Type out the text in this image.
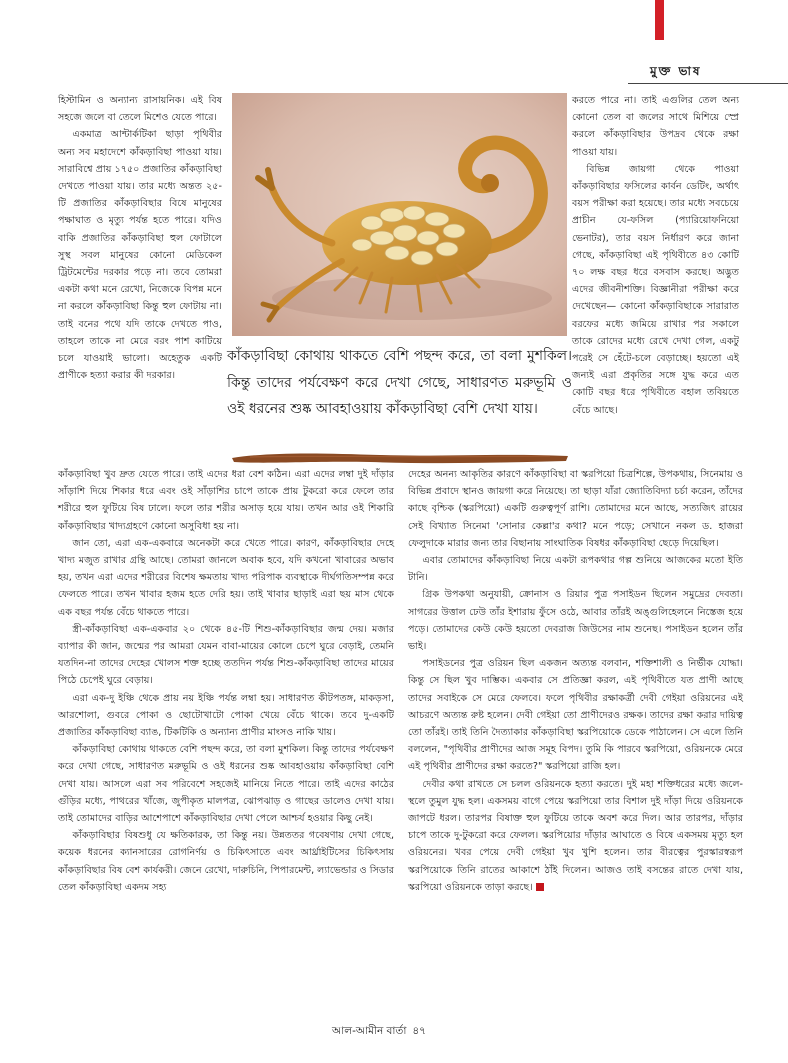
মুক্ত ভাষ

হিস্টামিন ও অন্যান্য রাসায়নিক। এই বিষ সহজে জলে বা তেলে মিশেও যেতে পারে।

একমাত্র আন্টার্কটিকা ছাড়া পৃথিবীর অন্য সব মহাদেশে কাঁকড়াবিছা পাওয়া যায়। সারাবিশ্বে প্রায় ১৭৫০ প্রজাতির কাঁকড়াবিছা দেখতে পাওয়া যায়। তার মধ্যে অন্তত ২৫-টি প্রজাতির কাঁকড়াবিছার বিষে মানুষের পক্ষাঘাত ও মৃত্যু পর্যন্ত হতে পারে। যদিও বাকি প্রজাতির কাঁকড়াবিছা হুল ফোটালে সুস্থ সবল মানুষের কোনো মেডিকেল ট্রিটমেন্টের দরকার পড়ে না। তবে তোমরা একটা কথা মনে রেখো, নিজেকে বিপন্ন মনে না করলে কাঁকড়াবিছা কিন্তু হুল ফোটায় না। তাই বনের পথে যদি তাকে দেখতে পাও, তাহলে তাকে না মেরে বরং পাশ কাটিয়ে চলে যাওয়াই ভালো। অহেতুক একটি প্রাণীকে হত্যা করার কী দরকার।

করতে পারে না। তাই এগুলির তেল অন্য কোনো তেল বা জলের সাথে মিশিয়ে স্প্রে করলে কাঁকড়াবিছার উপদ্রব থেকে রক্ষা পাওয়া যায়।

বিভিন্ন জায়গা থেকে পাওয়া কাঁকড়াবিছার ফসিলের কার্বন ডেটিং, অর্থাৎ বয়স পরীক্ষা করা হয়েছে। তার মধ্যে সবচেয়ে প্রাচীন যে-ফসিল (প্যারিয়োফনিয়ো ভেনাটর), তার বয়স নির্ধারণ করে জানা গেছে, কাঁকড়াবিছা এই পৃথিবীতে ৪৩ কোটি ৭০ লক্ষ বছর ধরে বসবাস করছে। অদ্ভুত এদের জীবনীশক্তি। বিজ্ঞানীরা পরীক্ষা করে দেখেছেন— কোনো কাঁকড়াবিছাকে সারারাত বরফের মধ্যে জমিয়ে রাখার পর সকালে তাকে রোদের মধ্যে রেখে দেখা গেল, একটু পরেই সে হেঁটে-চলে বেড়াচ্ছে। হয়তো এই জন্যই এরা প্রকৃতির সঙ্গে যুদ্ধ করে এত কোটি বছর ধরে পৃথিবীতে বহাল তবিয়তে বেঁচে আছে।

কাঁকড়াবিছা কোথায় থাকতে বেশি পছন্দ করে, তা বলা মুশকিল। কিন্তু তাদের পর্যবেক্ষণ করে দেখা গেছে, সাধারণত মরুভূমি ও ওই ধরনের শুষ্ক আবহাওয়ায় কাঁকড়াবিছা বেশি দেখা যায়।

কাঁকড়াবিছা খুব দ্রুত যেতে পারে। তাই এদের ধরা বেশ কঠিন। এরা এদের লম্বা দুই দাঁড়ার সাঁড়াশি দিয়ে শিকার ধরে এবং ওই সাঁড়াশির চাপে তাকে প্রায় টুকরো করে ফেলে তার শরীরে হুল ফুটিয়ে বিষ ঢালে। ফলে তার শরীর অসাড় হয়ে যায়। তখন আর ওই শিকারি কাঁকড়াবিছার খাদ্যগ্রহণে কোনো অসুবিধা হয় না।

জান তো, এরা এক-একবারে অনেকটা করে খেতে পারে। কারণ, কাঁকড়াবিছার দেহে খাদ্য মজুত রাখার গ্রন্থি আছে। তোমরা জানলে অবাক হবে, যদি কখনো খাবারের অভাব হয়, তখন এরা এদের শরীরের বিশেষ ক্ষমতায় খাদ্য পরিপাক ব্যবস্থাকে দীর্ঘগতিসম্পন্ন করে ফেলতে পারে। তখন খাবার হজম হতে দেরি হয়। তাই খাবার ছাড়াই এরা ছয় মাস থেকে এক বছর পর্যন্ত বেঁচে থাকতে পারে।

স্ত্রী-কাঁকড়াবিছা এক-একবার ২০ থেকে ৪৫-টি শিশু-কাঁকড়াবিছার জন্ম দেয়। মজার ব্যাপার কী জান, জন্মের পর আমরা যেমন বাবা-মায়ের কোলে চেপে ঘুরে বেড়াই, তেমনি যতদিন-না তাদের দেহের খোলস শক্ত হচ্ছে ততদিন পর্যন্ত শিশু-কাঁকড়াবিছা তাদের মায়ের পিঠে চেপেই ঘুরে বেড়ায়।

এরা এক-দু ইঞ্চি থেকে প্রায় নয় ইঞ্চি পর্যন্ত লম্বা হয়। সাধারণত কীটপতঙ্গ, মাকড়সা, আরশোলা, গুবরে পোকা ও ছোটোখাটো পোকা খেয়ে বেঁচে থাকে। তবে দু-একটি প্রজাতির কাঁকড়াবিছা ব্যাঙ, টিকটিকি ও অন্যান্য প্রাণীর মাংসও নাকি খায়।

কাঁকড়াবিছা কোথায় থাকতে বেশি পছন্দ করে, তা বলা মুশকিল। কিন্তু তাদের পর্যবেক্ষণ করে দেখা গেছে, সাধারণত মরুভূমি ও ওই ধরনের শুষ্ক আবহাওয়ায় কাঁকড়াবিছা বেশি দেখা যায়। আসলে এরা সব পরিবেশে সহজেই মানিয়ে নিতে পারে। তাই এদের কাঠের গুঁড়ির মধ্যে, পাথরের খাঁজে, জুপীকৃত মালপত্র, ঝোপঝাড় ও গাছের ডালেও দেখা যায়। তাই তোমাদের বাড়ির আশেপাশে কাঁকড়াবিছার দেখা পেলে আশ্চর্য হওয়ার কিছু নেই।

কাঁকড়াবিছার বিষশুধু যে ক্ষতিকারক, তা কিন্তু নয়। উন্নততর গবেষণায় দেখা গেছে, কয়েক ধরনের ক্যানসারের রোগনির্ণয় ও চিকিৎসাতে এবং আর্থ্রাইটিসের চিকিৎসায় কাঁকড়াবিছার বিষ বেশ কার্যকরী। জেনে রেখো, দারুচিনি, পিপারমেন্ট, ল্যাভেন্ডার ও সিডার তেল কাঁকড়াবিছা একদম সহ্য

দেহের অনন্য আকৃতির কারণে কাঁকড়াবিছা বা স্করপিয়ো চিত্রশিল্পে, উপকথায়, সিনেমায় ও বিভিন্ন প্রবাদে স্থানও জায়গা করে নিয়েছে। তা ছাড়া যাঁরা জ্যোতিবিদ্যা চর্চা করেন, তাঁদের কাছে বৃশ্চিক (স্করপিয়ো) একটি গুরুত্বপূর্ণ রাশি। তোমাদের মনে আছে, সত্যজিৎ রায়ের সেই বিখ্যাত সিনেমা 'সোনার কেল্লা'র কথা? মনে পড়ে; সেখানে নকল ড. হাজরা ফেলুদাকে মারার জন্য তার বিছানায় সাংঘাতিক বিষধর কাঁকড়াবিছা ছেড়ে দিয়েছিল।

এবার তোমাদের কাঁকড়াবিছা নিয়ে একটা রূপকথার গল্প শুনিয়ে আজকের মতো ইতি টানি।

গ্রিক উপকথা অনুযায়ী, ক্রোনাস ও রিয়ার পুত্র পসাইডন ছিলেন সমুদ্রের দেবতা। সাগরের উত্তাল ঢেউ তাঁর ইশারায় ফুঁসে ওঠে, আবার তাঁরই অঙ্গুলিহেলনে নিস্তেজ হয়ে পড়ে। তোমাদের কেউ কেউ হয়তো দেবরাজ জিউসের নাম শুনেছ। পসাইডন হলেন তাঁর ভাই।

পসাইডনের পুত্র ওরিয়ন ছিল একজন অত্যন্ত বলবান, শক্তিশালী ও নির্ভীক যোদ্ধা। কিন্তু সে ছিল খুব দাম্ভিক। একবার সে প্রতিজ্ঞা করল, এই পৃথিবীতে যত প্রাণী আছে তাদের সবাইকে সে মেরে ফেলবে। ফলে পৃথিবীর রক্ষাকর্ত্রী দেবী গেইয়া ওরিয়নের এই আচরণে অত্যন্ত রুষ্ট হলেন। দেবী গেইয়া তো প্রাণীদেরও রক্ষক। তাদের রক্ষা করার দায়িত্ব তো তাঁরই। তাই তিনি দৈত্যাকার কাঁকড়াবিছা স্করপিয়োকে ডেকে পাঠালেন। সে এলে তিনি বললেন, "পৃথিবীর প্রাণীদের আজ সমূহ বিপদ। তুমি কি পারবে স্করপিয়ো, ওরিয়নকে মেরে এই পৃথিবীর প্রাণীদের রক্ষা করতে?" স্করপিয়ো রাজি হল।

দেবীর কথা রাখতে সে চলল ওরিয়নকে হত্যা করতে। দুই মহা শক্তিধরের মধ্যে জলে-স্থলে তুমুল যুদ্ধ হল। একসময় বাগে পেয়ে স্করপিয়ো তার বিশাল দুই দাঁড়া দিয়ে ওরিয়নকে জাপটে ধরল। তারপর বিষাক্ত হুল ফুটিয়ে তাকে অবশ করে দিল। আর তারপর, দাঁড়ার চাপে তাকে দু-টুকরো করে ফেলল। স্করপিয়োর দাঁড়ার আঘাতে ও বিষে একসময় মৃত্যু হল ওরিয়নের। খবর পেয়ে দেবী গেইয়া খুব খুশি হলেন। তার বীরত্বের পুরস্কারস্বরূপ স্করপিয়োকে তিনি রাতের আকাশে ঠাঁই দিলেন। আজও তাই বসন্তের রাতে দেখা যায়, স্করপিয়ো ওরিয়নকে তাড়া করছে।

আল-আমীন বার্তা ৪৭
